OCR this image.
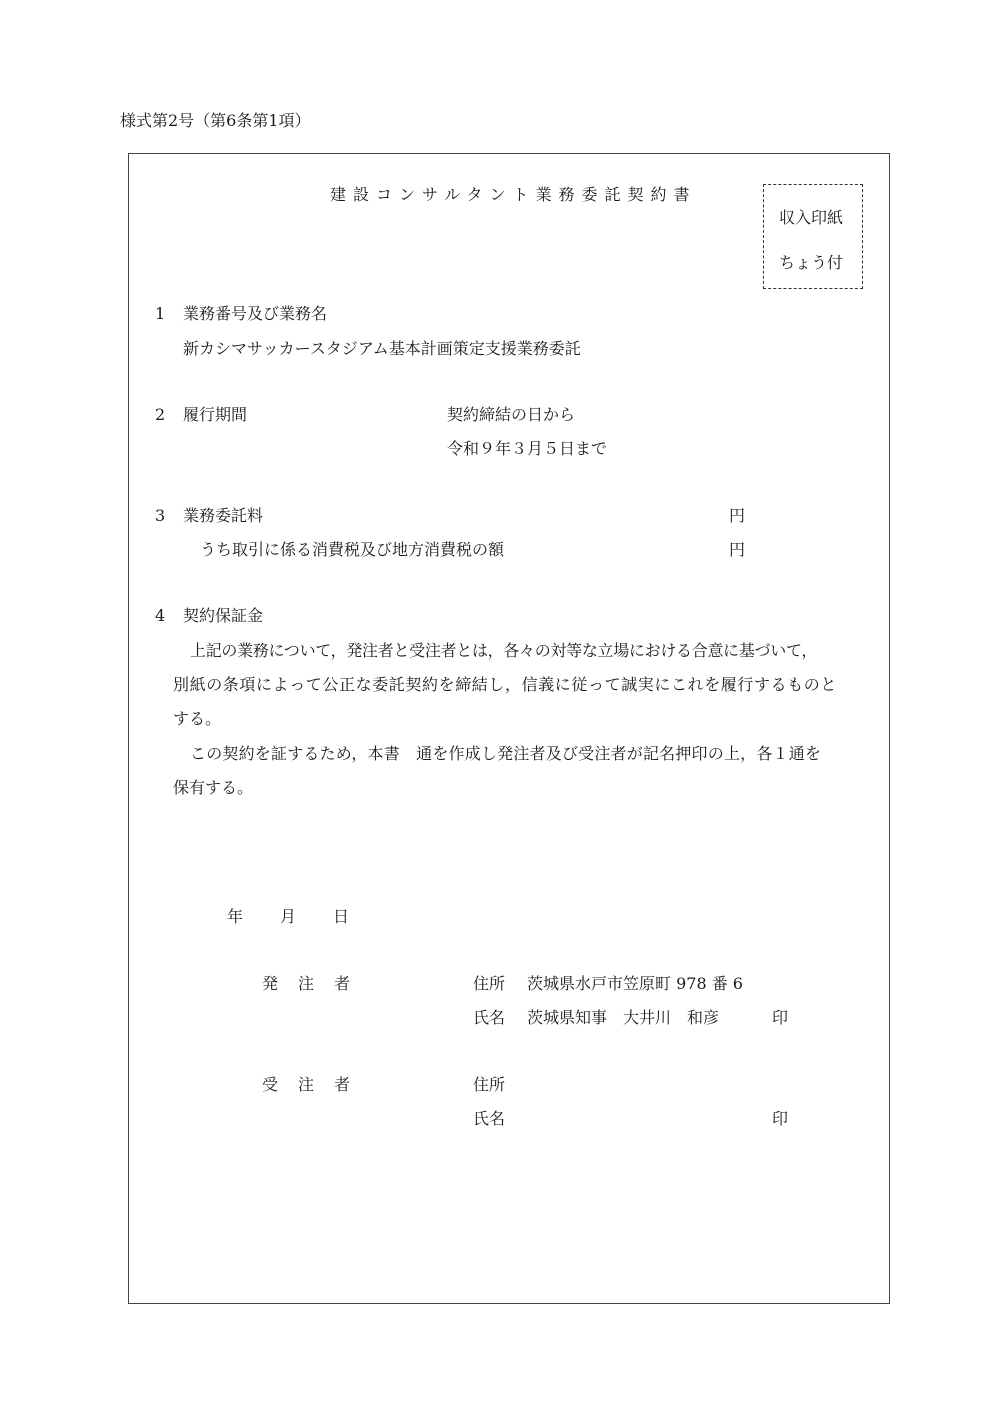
様式第2号（第6条第1項）
建設コンサルタント業務委託契約書
収入印紙
ちょう付
1 業務番号及び業務名
新カシマサッカースタジアム基本計画策定支援業務委託
2 履行期間	契約締結の日から
令和９年３月５日まで
3 業務委託料	円
うち取引に係る消費税及び地方消費税の額	円
4 契約保証金
上記の業務について，発注者と受注者とは，各々の対等な立場における合意に基づいて，
別紙の条項によって公正な委託契約を締結し，信義に従って誠実にこれを履行するものと
する。
この契約を証するため，本書　通を作成し発注者及び受注者が記名押印の上，各１通を
保有する。
年 月 日
発注者	住所 茨城県水戸市笠原町 978 番 6
氏名 茨城県知事　大井川　和彦	印
受注者	住所
氏名	印
